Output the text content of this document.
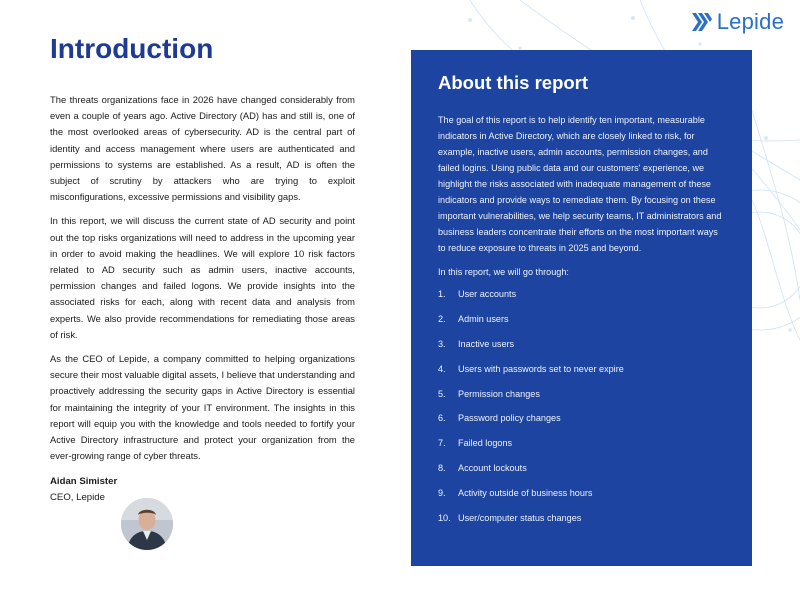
Lepide
Introduction

The threats organizations face in 2026 have changed considerably from even a couple of years ago. Active Directory (AD) has and still is, one of the most overlooked areas of cybersecurity. AD is the central part of identity and access management where users are authenticated and permissions to systems are established. As a result, AD is often the subject of scrutiny by attackers who are trying to exploit misconfigurations, excessive permissions and visibility gaps.

In this report, we will discuss the current state of AD security and point out the top risks organizations will need to address in the upcoming year in order to avoid making the headlines. We will explore 10 risk factors related to AD security such as admin users, inactive accounts, permission changes and failed logons. We provide insights into the associated risks for each, along with recent data and analysis from experts. We also provide recommendations for remediating those areas of risk.

As the CEO of Lepide, a company committed to helping organizations secure their most valuable digital assets, I believe that understanding and proactively addressing the security gaps in Active Directory is essential for maintaining the integrity of your IT environment. The insights in this report will equip you with the knowledge and tools needed to fortify your Active Directory infrastructure and protect your organization from the ever-growing range of cyber threats.

Aidan Simister
CEO, Lepide
About this report

The goal of this report is to help identify ten important, measurable indicators in Active Directory, which are closely linked to risk, for example, inactive users, admin accounts, permission changes, and failed logins. Using public data and our customers' experience, we highlight the risks associated with inadequate management of these indicators and provide ways to remediate them. By focusing on these important vulnerabilities, we help security teams, IT administrators and business leaders concentrate their efforts on the most important ways to reduce exposure to threats in 2025 and beyond.

In this report, we will go through:

1.	User accounts
2.	Admin users
3.	Inactive users
4.	Users with passwords set to never expire
5.	Permission changes
6.	Password policy changes
7.	Failed logons
8.	Account lockouts
9.	Activity outside of business hours
10. User/computer status changes
